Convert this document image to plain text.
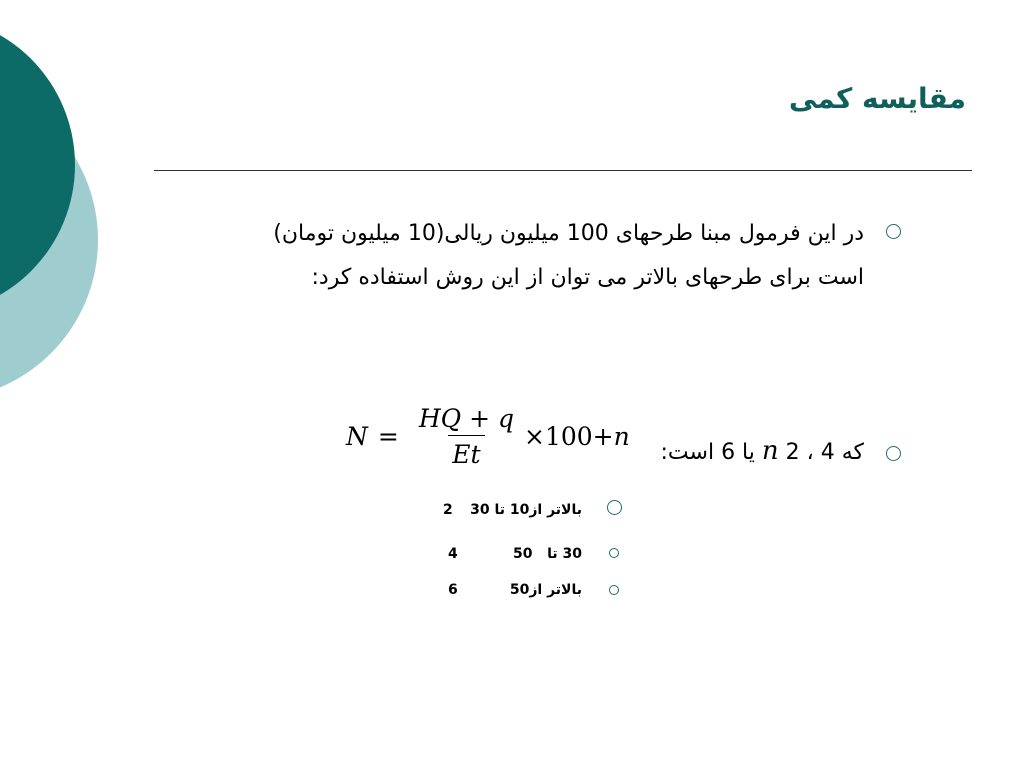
مقایسه کمی
در این فرمول مبنا طرحهای 100 میلیون ریالی(10 میلیون تومان)
است برای طرحهای بالاتر می توان از این روش استفاده کرد:
$N = \frac{HQ + q}{Et} \times 100 + n$
که n 2 ، 4 یا 6 است:
بالاتر از10 تا 30
2
30 تا   50
4
بالاتر از50
6
